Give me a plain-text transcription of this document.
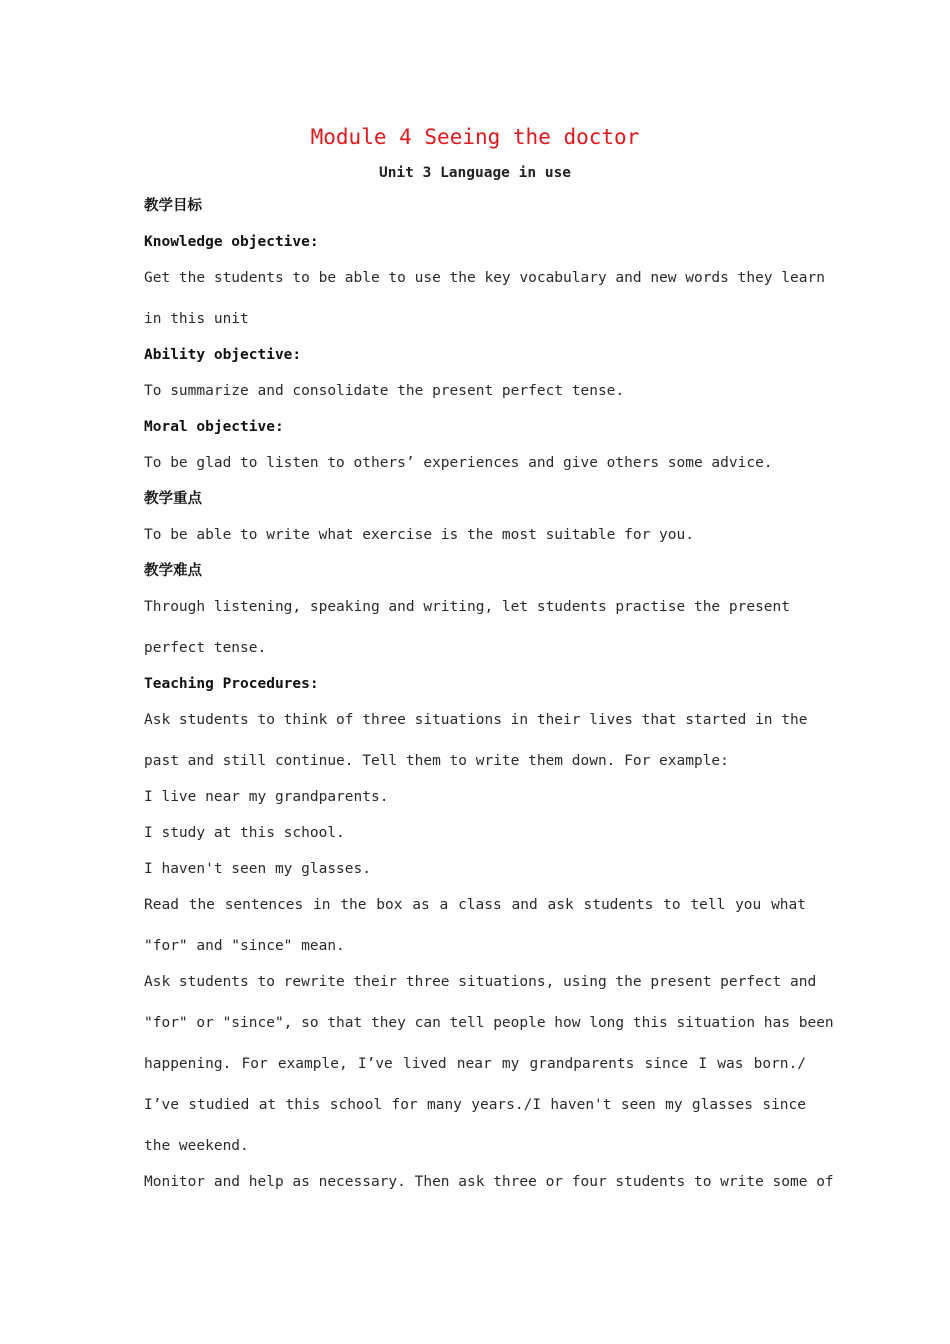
Module 4 Seeing the doctor
Unit 3 Language in use
教学目标
Knowledge objective:
Get the students to be able to use the key vocabulary and new words they learn
in this unit
Ability objective:
To summarize and consolidate the present perfect tense.
Moral objective:
To be glad to listen to others’ experiences and give others some advice.
教学重点
To be able to write what exercise is the most suitable for you.
教学难点
Through listening, speaking and writing, let students practise the present
perfect tense.
Teaching Procedures:
Ask students to think of three situations in their lives that started in the
past and still continue. Tell them to write them down. For example:
I live near my grandparents.
I study at this school.
I haven't seen my glasses.
Read the sentences in the box as a class and ask students to tell you what
"for" and "since" mean.
Ask students to rewrite their three situations, using the present perfect and
"for" or "since", so that they can tell people how long this situation has been
happening. For example, I’ve lived near my grandparents since I was born./
I’ve studied at this school for many years./I haven't seen my glasses since
the weekend.
Monitor and help as necessary. Then ask three or four students to write some of
